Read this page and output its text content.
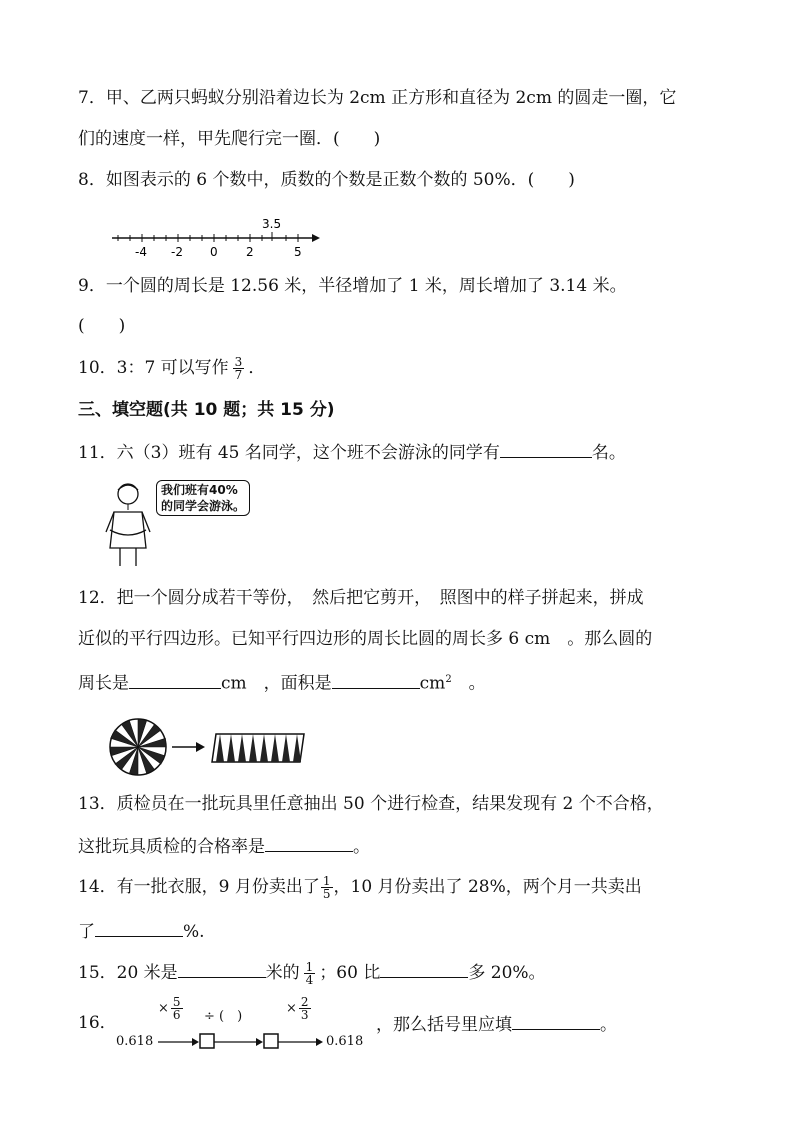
7．甲、乙两只蚂蚁分别沿着边长为 2cm 正方形和直径为 2cm 的圆走一圈，它
们的速度一样，甲先爬行完一圈．(　　)
8．如图表示的 6 个数中，质数的个数是正数个数的 50%．(　　)
-4 -2 0 2
3.5
5
9．一个圆的周长是 12.56 米，半径增加了 1 米，周长增加了 3.14 米。
(　　)
10．3：7 可以写作 $\frac{3}{7}$ ．
三、填空题(共 10 题；共 15 分)
11．六（3）班有 45 名同学，这个班不会游泳的同学有	名。
我们班有40%
的同学会游泳。
12．把一个圆分成若干等份，　然后把它剪开，　照图中的样子拼起来，拼成
近似的平行四边形。已知平行四边形的周长比圆的周长多 6 cm　。那么圆的
周长是	cm　，面积是	$cm^2$　。
13．质检员在一批玩具里任意抽出 50 个进行检查，结果发现有 2 个不合格，
这批玩具质检的合格率是	。
14．有一批衣服，9 月份卖出了 $\frac{1}{5}$ ，10 月份卖出了 28%，两个月一共卖出
了	%.
15．20 米是	米的 $\frac{1}{4}$ ；60 比	多 20%。
16．
× $\frac{5}{6}$ ÷ (　)
× $\frac{2}{3}$
0.618	0.618
，那么括号里应填	。
